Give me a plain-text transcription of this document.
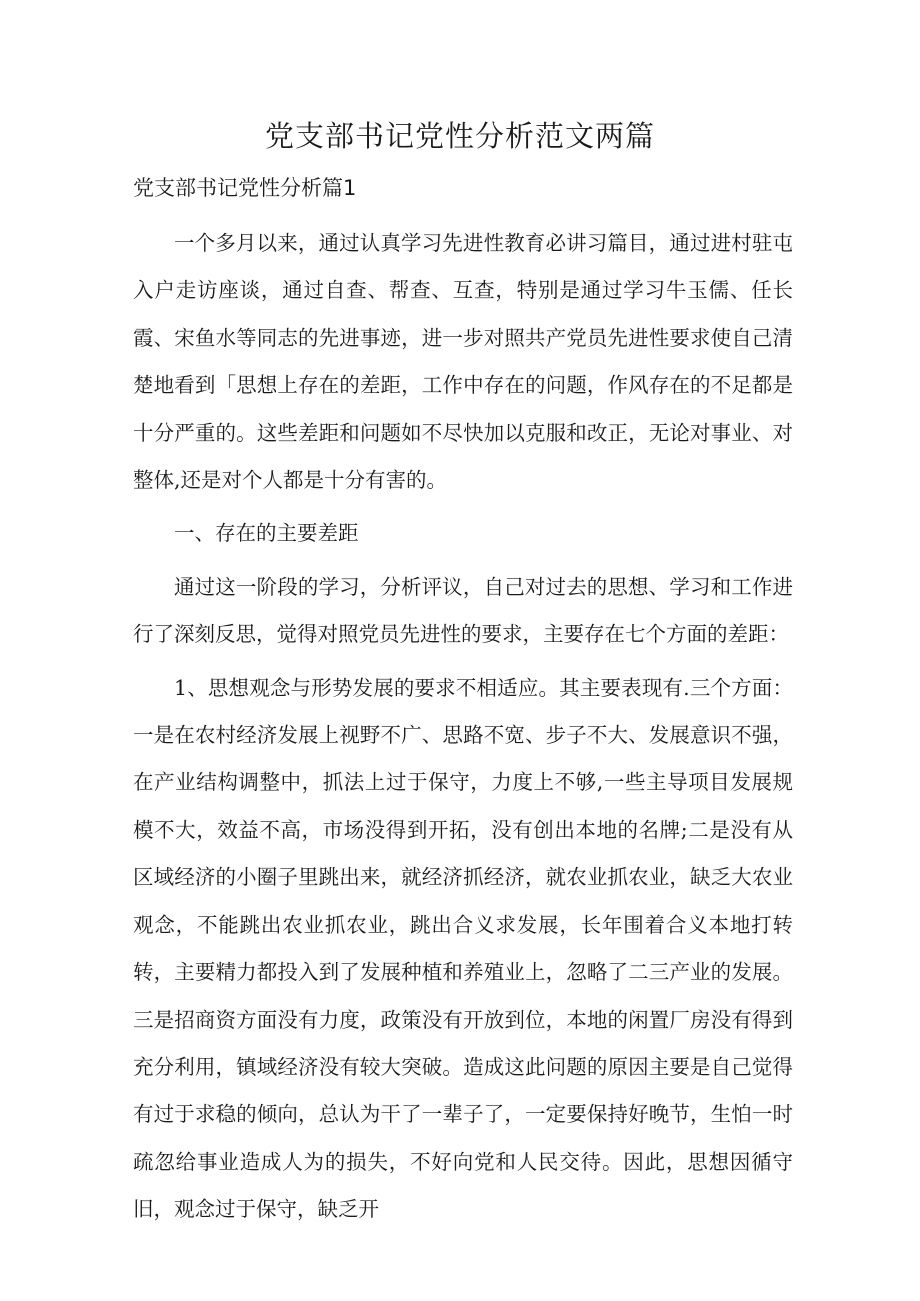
党支部书记党性分析范文两篇
党支部书记党性分析篇1

一个多月以来，通过认真学习先进性教育必讲习篇目，通过进村驻屯入户走访座谈，通过自查、帮查、互查，特别是通过学习牛玉儒、任长霞、宋鱼水等同志的先进事迹，进一步对照共产党员先进性要求使自己清楚地看到「思想上存在的差距，工作中存在的问题，作风存在的不足都是十分严重的。这些差距和问题如不尽快加以克服和改正，无论对事业、对整体,还是对个人都是十分有害的。

一、存在的主要差距

通过这一阶段的学习，分析评议，自己对过去的思想、学习和工作进行了深刻反思，觉得对照党员先进性的要求，主要存在七个方面的差距：

1、思想观念与形势发展的要求不相适应。其主要表现有.三个方面：一是在农村经济发展上视野不广、思路不宽、步子不大、发展意识不强，在产业结构调整中，抓法上过于保守，力度上不够,一些主导项目发展规模不大，效益不高，市场没得到开拓，没有创出本地的名牌;二是没有从区域经济的小圈子里跳出来，就经济抓经济，就农业抓农业，缺乏大农业观念，不能跳出农业抓农业，跳出合义求发展，长年围着合义本地打转转，主要精力都投入到了发展种植和养殖业上，忽略了二三产业的发展。三是招商资方面没有力度，政策没有开放到位，本地的闲置厂房没有得到充分利用，镇域经济没有较大突破。造成这此问题的原因主要是自己觉得有过于求稳的倾向，总认为干了一辈子了，一定要保持好晚节，生怕一时疏忽给事业造成人为的损失，不好向党和人民交待。因此，思想因循守旧，观念过于保守，缺乏开
